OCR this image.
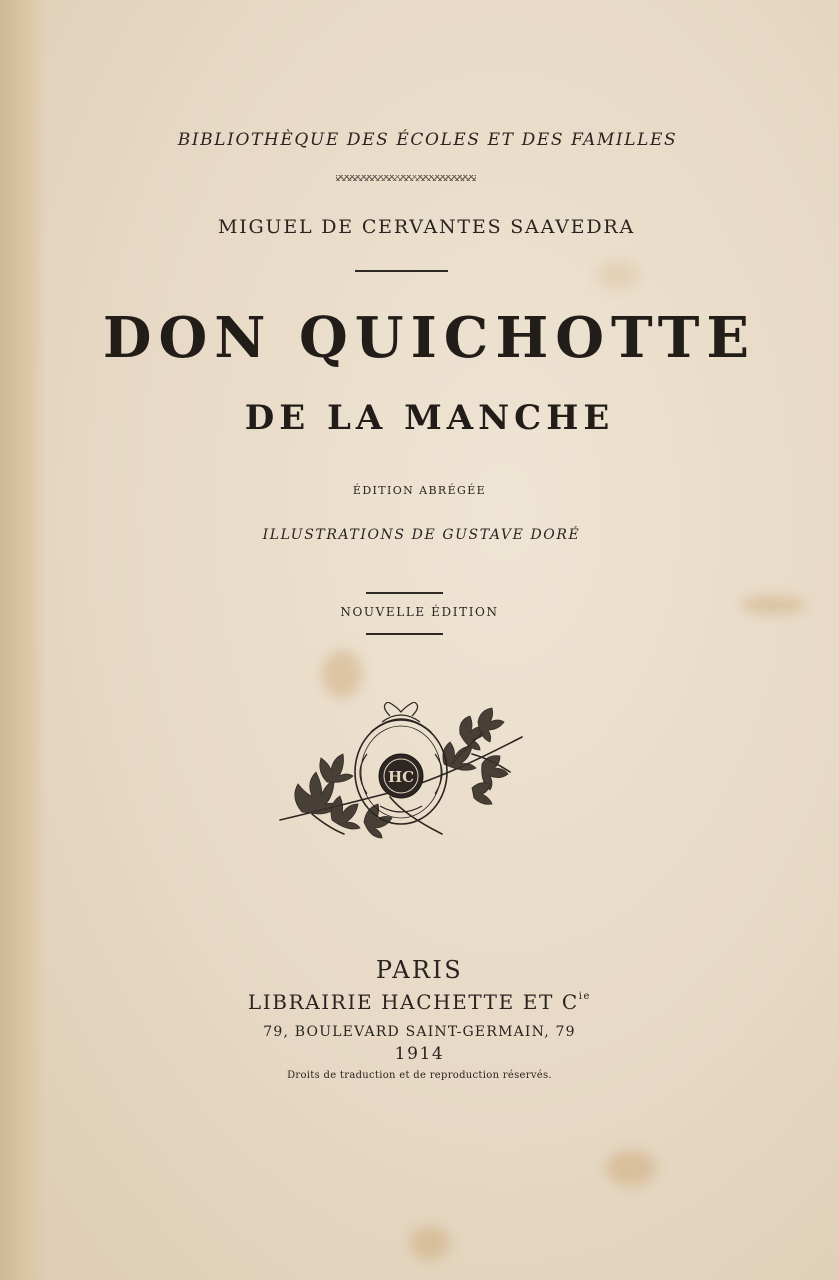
BIBLIOTHÈQUE DES ÉCOLES ET DES FAMILLES
MIGUEL DE CERVANTES SAAVEDRA
DON QUICHOTTE
DE LA MANCHE
ÉDITION ABRÉGÉE
ILLUSTRATIONS DE GUSTAVE DORÉ
NOUVELLE ÉDITION
HC
PARIS
LIBRAIRIE HACHETTE ET $C^{ie}$
79, BOULEVARD SAINT-GERMAIN, 79
1914
Droits de traduction et de reproduction réservés.
